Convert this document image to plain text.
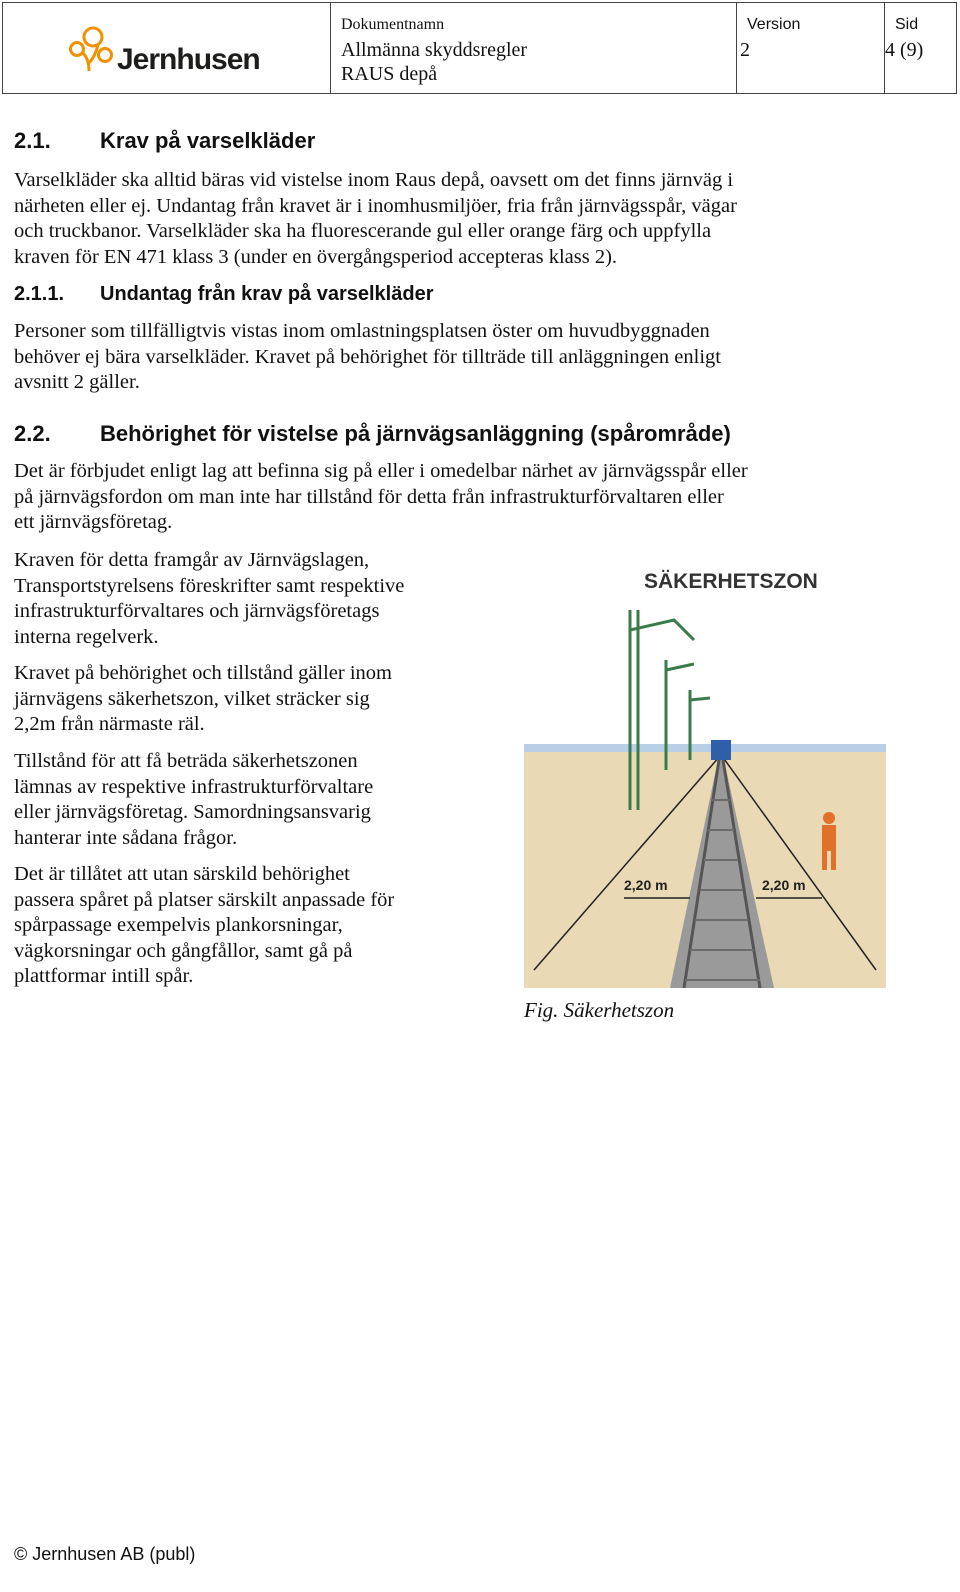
Jernhusen
Dokumentnamn
Allmänna skyddsregler
RAUS depå
Version
2
Sid
4 (9)
2.1. Krav på varselkläder
Varselkläder ska alltid bäras vid vistelse inom Raus depå, oavsett om det finns järnväg i
närheten eller ej. Undantag från kravet är i inomhusmiljöer, fria från järnvägsspår, vägar
och truckbanor. Varselkläder ska ha fluorescerande gul eller orange färg och uppfylla
kraven för EN 471 klass 3 (under en övergångsperiod accepteras klass 2).
2.1.1. Undantag från krav på varselkläder
Personer som tillfälligtvis vistas inom omlastningsplatsen öster om huvudbyggnaden
behöver ej bära varselkläder. Kravet på behörighet för tillträde till anläggningen enligt
avsnitt 2 gäller.
2.2. Behörighet för vistelse på järnvägsanläggning (spårområde)
Det är förbjudet enligt lag att befinna sig på eller i omedelbar närhet av järnvägsspår eller
på järnvägsfordon om man inte har tillstånd för detta från infrastrukturförvaltaren eller
ett järnvägsföretag.
Kraven för detta framgår av Järnvägslagen,
Transportstyrelsens föreskrifter samt respektive
infrastrukturförvaltares och järnvägsföretags
interna regelverk.
Kravet på behörighet och tillstånd gäller inom
järnvägens säkerhetszon, vilket sträcker sig
2,2m från närmaste räl.
Tillstånd för att få beträda säkerhetszonen
lämnas av respektive infrastrukturförvaltare
eller järnvägsföretag. Samordningsansvarig
hanterar inte sådana frågor.
Det är tillåtet att utan särskild behörighet
passera spåret på platser särskilt anpassade för
spårpassage exempelvis plankorsningar,
vägkorsningar och gångfållor, samt gå på
plattformar intill spår.
SÄKERHETSZON
2,20 m	2,20 m
Fig. Säkerhetszon
© Jernhusen AB (publ)
